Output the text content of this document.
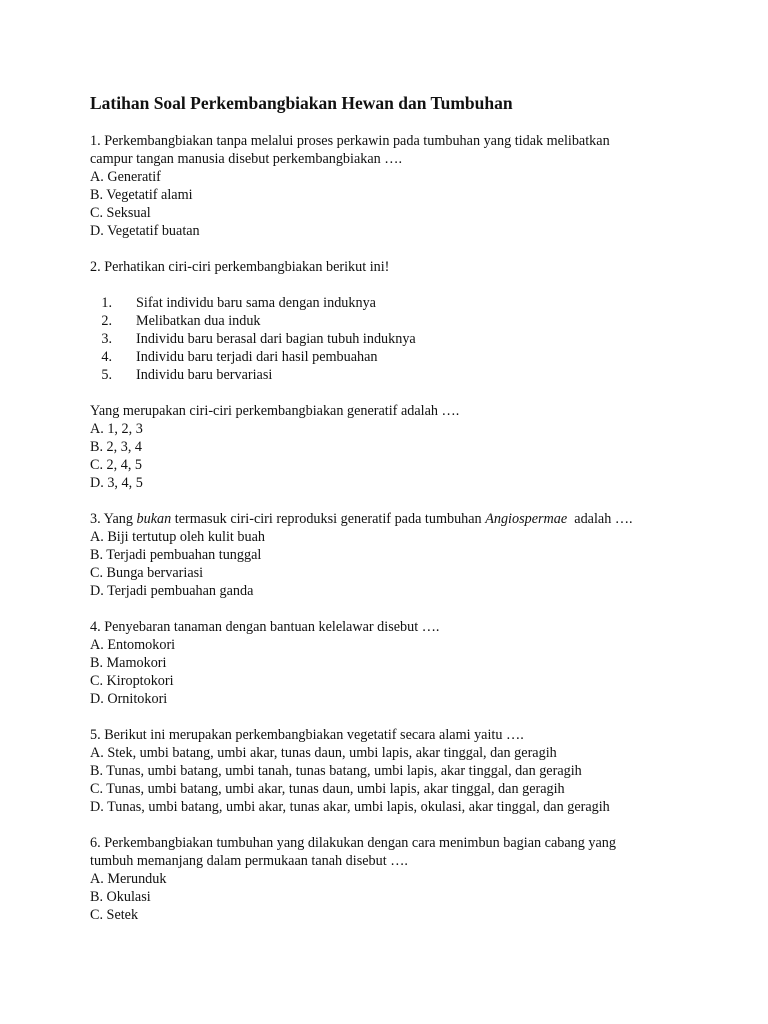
Latihan Soal Perkembangbiakan Hewan dan Tumbuhan
1. Perkembangbiakan tanpa melalui proses perkawin pada tumbuhan yang tidak melibatkan
campur tangan manusia disebut perkembangbiakan ….
A. Generatif
B. Vegetatif alami
C. Seksual
D. Vegetatif buatan
2. Perhatikan ciri-ciri perkembangbiakan berikut ini!
1. Sifat individu baru sama dengan induknya
2. Melibatkan dua induk
3. Individu baru berasal dari bagian tubuh induknya
4. Individu baru terjadi dari hasil pembuahan
5. Individu baru bervariasi
Yang merupakan ciri-ciri perkembangbiakan generatif adalah ….
A. 1, 2, 3
B. 2, 3, 4
C. 2, 4, 5
D. 3, 4, 5
3. Yang bukan termasuk ciri-ciri reproduksi generatif pada tumbuhan Angiospermae  adalah ….
A. Biji tertutup oleh kulit buah
B. Terjadi pembuahan tunggal
C. Bunga bervariasi
D. Terjadi pembuahan ganda
4. Penyebaran tanaman dengan bantuan kelelawar disebut ….
A. Entomokori
B. Mamokori
C. Kiroptokori
D. Ornitokori
5. Berikut ini merupakan perkembangbiakan vegetatif secara alami yaitu ….
A. Stek, umbi batang, umbi akar, tunas daun, umbi lapis, akar tinggal, dan geragih
B. Tunas, umbi batang, umbi tanah, tunas batang, umbi lapis, akar tinggal, dan geragih
C. Tunas, umbi batang, umbi akar, tunas daun, umbi lapis, akar tinggal, dan geragih
D. Tunas, umbi batang, umbi akar, tunas akar, umbi lapis, okulasi, akar tinggal, dan geragih
6. Perkembangbiakan tumbuhan yang dilakukan dengan cara menimbun bagian cabang yang
tumbuh memanjang dalam permukaan tanah disebut ….
A. Merunduk
B. Okulasi
C. Setek
